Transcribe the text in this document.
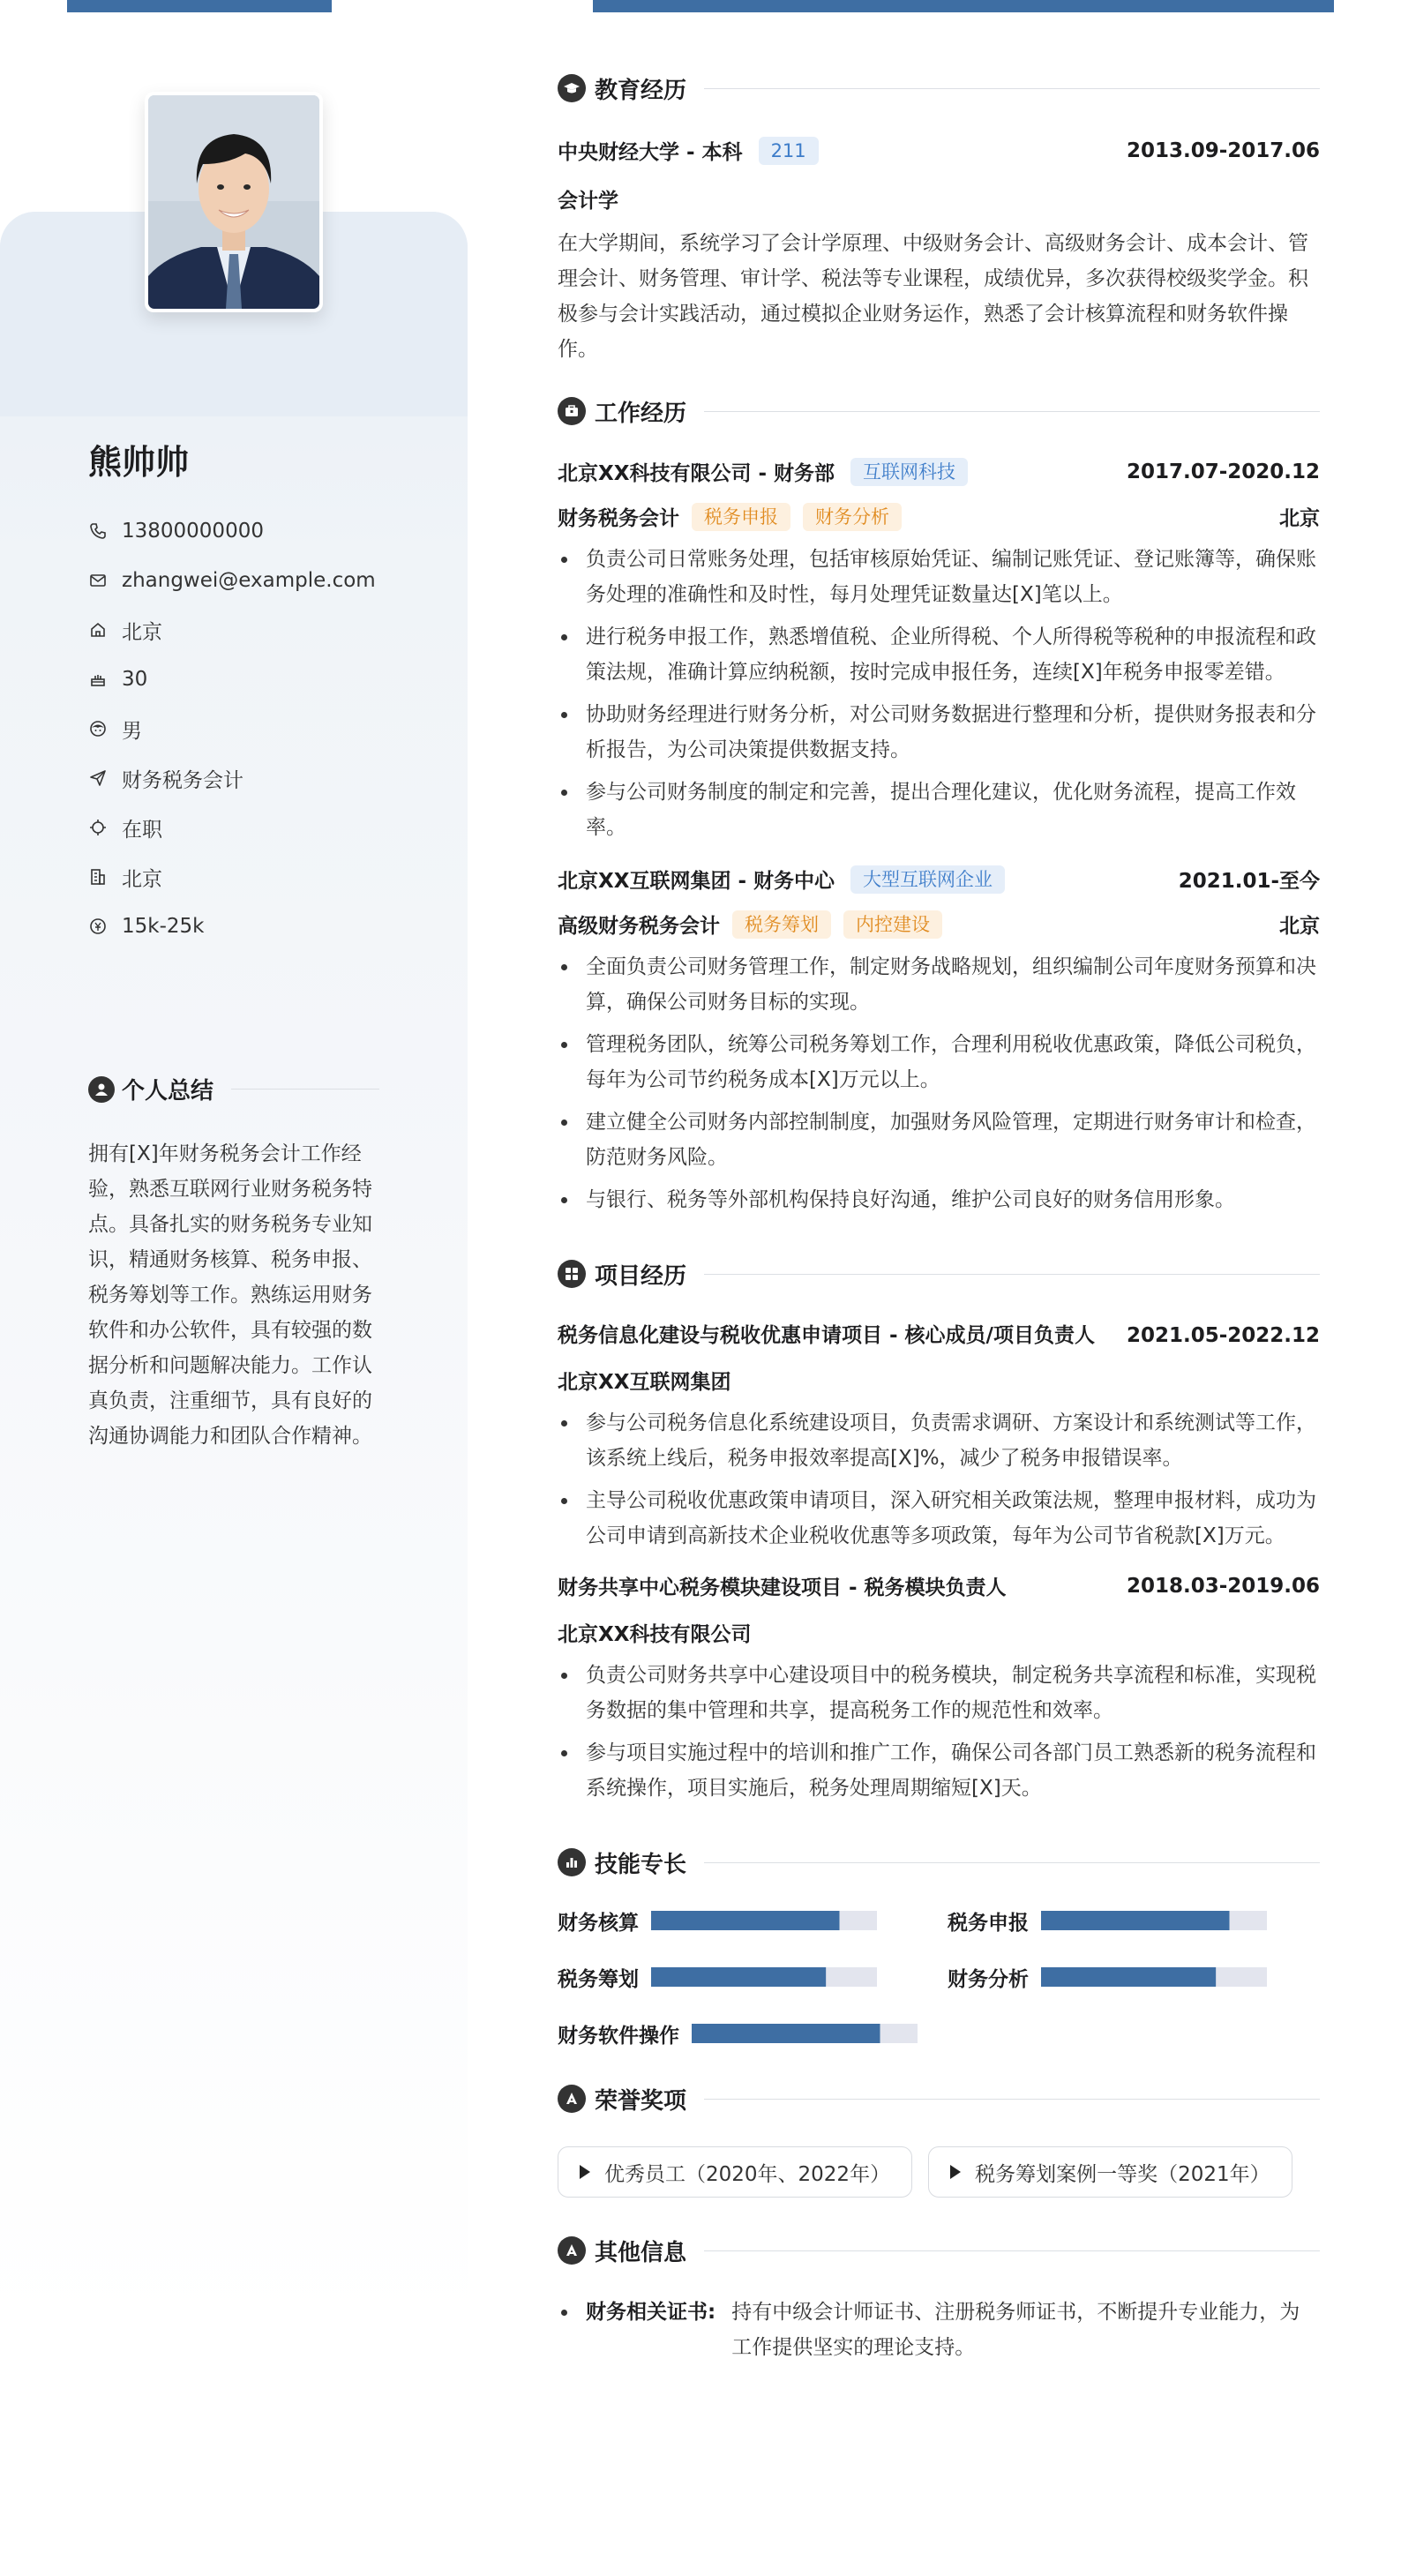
熊帅帅
13800000000
zhangwei@example.com
北京
30
男
财务税务会计
在职
北京
15k-25k
个人总结
拥有[X]年财务税务会计工作经验，熟悉互联网行业财务税务特点。具备扎实的财务税务专业知识，精通财务核算、税务申报、税务筹划等工作。熟练运用财务软件和办公软件，具有较强的数据分析和问题解决能力。工作认真负责，注重细节，具有良好的沟通协调能力和团队合作精神。
教育经历
中央财经大学 - 本科	211	2013.09-2017.06
会计学
在大学期间，系统学习了会计学原理、中级财务会计、高级财务会计、成本会计、管理会计、财务管理、审计学、税法等专业课程，成绩优异，多次获得校级奖学金。积极参与会计实践活动，通过模拟企业财务运作，熟悉了会计核算流程和财务软件操作。
工作经历
北京XX科技有限公司 - 财务部	互联网科技	2017.07-2020.12
财务税务会计	税务申报	财务分析	北京
负责公司日常账务处理，包括审核原始凭证、编制记账凭证、登记账簿等，确保账务处理的准确性和及时性，每月处理凭证数量达[X]笔以上。
进行税务申报工作，熟悉增值税、企业所得税、个人所得税等税种的申报流程和政策法规，准确计算应纳税额，按时完成申报任务，连续[X]年税务申报零差错。
协助财务经理进行财务分析，对公司财务数据进行整理和分析，提供财务报表和分析报告，为公司决策提供数据支持。
参与公司财务制度的制定和完善，提出合理化建议，优化财务流程，提高工作效率。
北京XX互联网集团 - 财务中心	大型互联网企业	2021.01-至今
高级财务税务会计	税务筹划	内控建设	北京
全面负责公司财务管理工作，制定财务战略规划，组织编制公司年度财务预算和决算，确保公司财务目标的实现。
管理税务团队，统筹公司税务筹划工作，合理利用税收优惠政策，降低公司税负，每年为公司节约税务成本[X]万元以上。
建立健全公司财务内部控制制度，加强财务风险管理，定期进行财务审计和检查，防范财务风险。
与银行、税务等外部机构保持良好沟通，维护公司良好的财务信用形象。
项目经历
税务信息化建设与税收优惠申请项目 - 核心成员/项目负责人	2021.05-2022.12
北京XX互联网集团
参与公司税务信息化系统建设项目，负责需求调研、方案设计和系统测试等工作，该系统上线后，税务申报效率提高[X]%，减少了税务申报错误率。
主导公司税收优惠政策申请项目，深入研究相关政策法规，整理申报材料，成功为公司申请到高新技术企业税收优惠等多项政策，每年为公司节省税款[X]万元。
财务共享中心税务模块建设项目 - 税务模块负责人	2018.03-2019.06
北京XX科技有限公司
负责公司财务共享中心建设项目中的税务模块，制定税务共享流程和标准，实现税务数据的集中管理和共享，提高税务工作的规范性和效率。
参与项目实施过程中的培训和推广工作，确保公司各部门员工熟悉新的税务流程和系统操作，项目实施后，税务处理周期缩短[X]天。
技能专长
财务核算	税务申报
税务筹划	财务分析
财务软件操作
荣誉奖项
优秀员工（2020年、2022年）	税务筹划案例一等奖（2021年）
其他信息
财务相关证书: 持有中级会计师证书、注册税务师证书，不断提升专业能力，为工作提供坚实的理论支持。
